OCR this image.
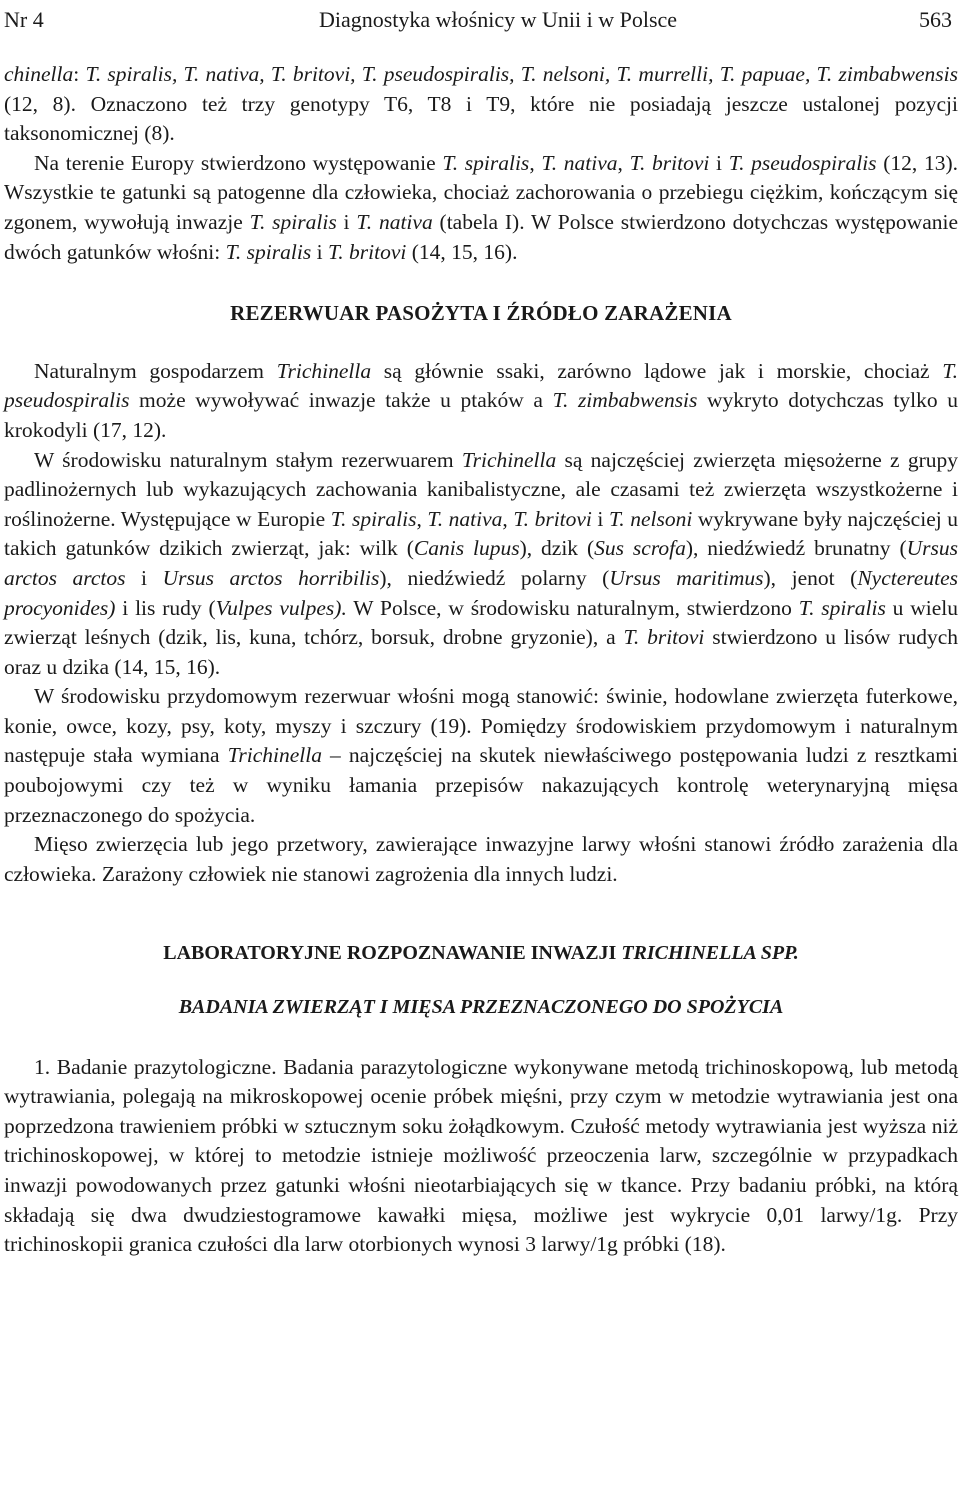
Nr 4	Diagnostyka włośnicy w Unii i w Polsce	563

chinella: T. spiralis, T. nativa, T. britovi, T. pseudospiralis, T. nelsoni, T. murrelli, T. papuae, T. zimbabwensis (12, 8). Oznaczono też trzy genotypy T6, T8 i T9, które nie posiadają jeszcze ustalonej pozycji taksonomicznej (8).

Na terenie Europy stwierdzono występowanie T. spiralis, T. nativa, T. britovi i T. pseudospiralis (12, 13). Wszystkie te gatunki są patogenne dla człowieka, chociaż zachorowania o przebiegu ciężkim, kończącym się zgonem, wywołują inwazje T. spiralis i T. nativa (tabela I). W Polsce stwierdzono dotychczas występowanie dwóch gatunków włośni: T. spiralis i T. britovi (14, 15, 16).

REZERWUAR PASOŻYTA I ŹRÓDŁO ZARAŻENIA

Naturalnym gospodarzem Trichinella są głównie ssaki, zarówno lądowe jak i morskie, chociaż T. pseudospiralis może wywoływać inwazje także u ptaków a T. zimbabwensis wykryto dotychczas tylko u krokodyli (17, 12).

W środowisku naturalnym stałym rezerwuarem Trichinella są najczęściej zwierzęta mięsożerne z grupy padlinożernych lub wykazujących zachowania kanibalistyczne, ale czasami też zwierzęta wszystkożerne i roślinożerne. Występujące w Europie T. spiralis, T. nativa, T. britovi i T. nelsoni wykrywane były najczęściej u takich gatunków dzikich zwierząt, jak: wilk (Canis lupus), dzik (Sus scrofa), niedźwiedź brunatny (Ursus arctos arctos i Ursus arctos horribilis), niedźwiedź polarny (Ursus maritimus), jenot (Nyctereutes procyonides) i lis rudy (Vulpes vulpes). W Polsce, w środowisku naturalnym, stwierdzono T. spiralis u wielu zwierząt leśnych (dzik, lis, kuna, tchórz, borsuk, drobne gryzonie), a T. britovi stwierdzono u lisów rudych oraz u dzika (14, 15, 16).

W środowisku przydomowym rezerwuar włośni mogą stanowić: świnie, hodowlane zwierzęta futerkowe, konie, owce, kozy, psy, koty, myszy i szczury (19). Pomiędzy środowiskiem przydomowym i naturalnym następuje stała wymiana Trichinella – najczęściej na skutek niewłaściwego postępowania ludzi z resztkami poubojowymi czy też w wyniku łamania przepisów nakazujących kontrolę weterynaryjną mięsa przeznaczonego do spożycia.

Mięso zwierzęcia lub jego przetwory, zawierające inwazyjne larwy włośni stanowi źródło zarażenia dla człowieka. Zarażony człowiek nie stanowi zagrożenia dla innych ludzi.

LABORATORYJNE ROZPOZNAWANIE INWAZJI TRICHINELLA SPP.
BADANIA ZWIERZĄT I MIĘSA PRZEZNACZONEGO DO SPOŻYCIA

1. Badanie prazytologiczne. Badania parazytologiczne wykonywane metodą trichinoskopową, lub metodą wytrawiania, polegają na mikroskopowej ocenie próbek mięśni, przy czym w metodzie wytrawiania jest ona poprzedzona trawieniem próbki w sztucznym soku żołądkowym. Czułość metody wytrawiania jest wyższa niż trichinoskopowej, w której to metodzie istnieje możliwość przeoczenia larw, szczególnie w przypadkach inwazji powodowanych przez gatunki włośni nieotarbiających się w tkance. Przy badaniu próbki, na którą składają się dwa dwudziestogramowe kawałki mięsa, możliwe jest wykrycie 0,01 larwy/1g. Przy trichinoskopii granica czułości dla larw otorbionych wynosi 3 larwy/1g próbki (18).
